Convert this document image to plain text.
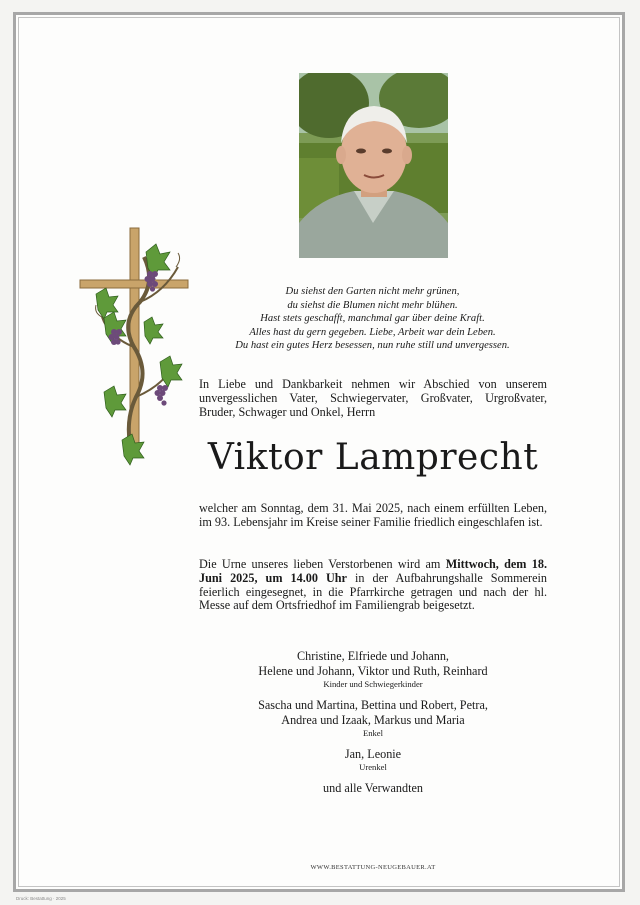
Du siehst den Garten nicht mehr grünen,
du siehst die Blumen nicht mehr blühen.
Hast stets geschafft, manchmal gar über deine Kraft.
Alles hast du gern gegeben. Liebe, Arbeit war dein Leben.
Du hast ein gutes Herz besessen, nun ruhe still und unvergessen.
In Liebe und Dankbarkeit nehmen wir Abschied von unserem unvergesslichen Vater, Schwiegervater, Großvater, Urgroßvater, Bruder, Schwager und Onkel, Herrn
Viktor Lamprecht
welcher am Sonntag, dem 31. Mai 2025, nach einem erfüllten Leben, im 93. Lebensjahr im Kreise seiner Familie friedlich eingeschlafen ist.
Die Urne unseres lieben Verstorbenen wird am Mittwoch, dem 18. Juni 2025, um 14.00 Uhr in der Aufbahrungshalle Sommerein feierlich eingesegnet, in die Pfarrkirche getragen und nach der hl. Messe auf dem Ortsfriedhof im Familiengrab beigesetzt.
Christine, Elfriede und Johann,
Helene und Johann, Viktor und Ruth, Reinhard
Kinder und Schwiegerkinder
Sascha und Martina, Bettina und Robert, Petra,
Andrea und Izaak, Markus und Maria
Enkel
Jan, Leonie
Urenkel
und alle Verwandten
WWW.BESTATTUNG-NEUGEBAUER.AT
Druck: Bestattung · 2025
